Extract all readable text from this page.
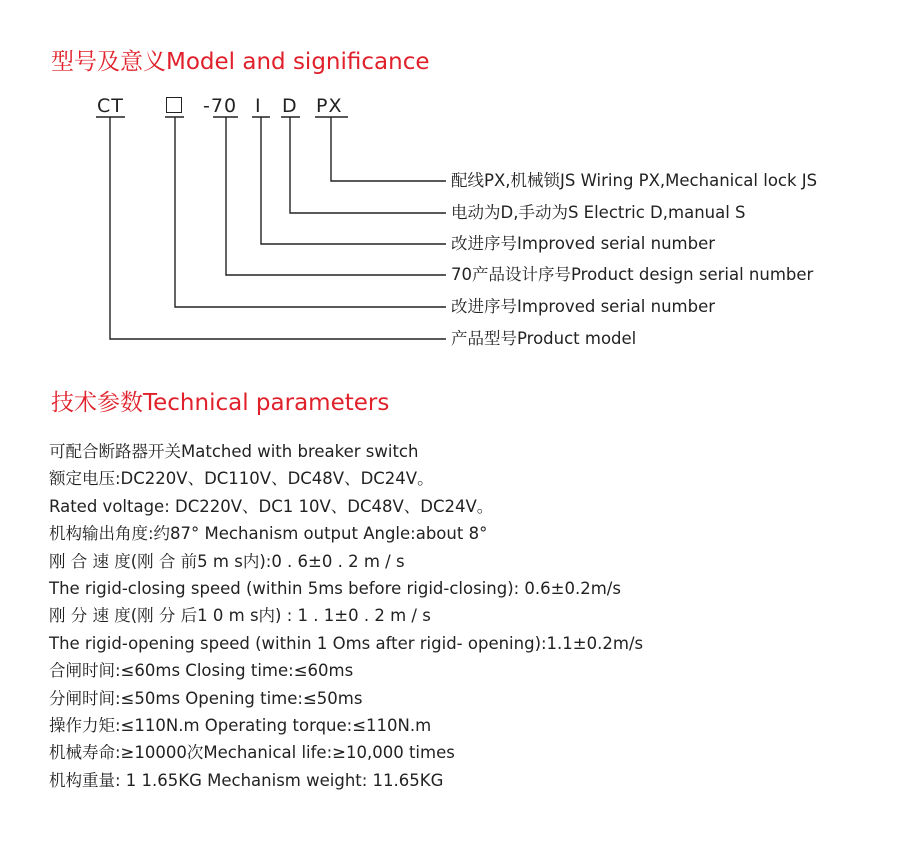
型号及意义Model and significance
CT	-70 I D PX
配线PX,机械锁JS Wiring PX,Mechanical lock JS
电动为D,手动为S Electric D,manual S
改进序号Improved serial number
70产品设计序号Product design serial number
改进序号Improved serial number
产品型号Product model
技术参数Technical parameters
可配合断路器开关Matched with breaker switch
额定电压:DC220V、DC110V、DC48V、DC24V。
Rated voltage: DC220V、DC1 10V、DC48V、DC24V。
机构输出角度:约87° Mechanism output Angle:about 8°
刚 合 速 度(刚 合 前5 m s内):0 . 6±0 . 2 m / s
The rigid-closing speed (within 5ms before rigid-closing): 0.6±0.2m/s
刚 分 速 度(刚 分 后1 0 m s内) : 1 . 1±0 . 2 m / s
The rigid-opening speed (within 1 Oms after rigid- opening):1.1±0.2m/s
合闸时间:≤60ms Closing time:≤60ms
分闸时间:≤50ms Opening time:≤50ms
操作力矩:≤110N.m Operating torque:≤110N.m
机械寿命:≥10000次Mechanical life:≥10,000 times
机构重量: 1 1.65KG Mechanism weight: 11.65KG
